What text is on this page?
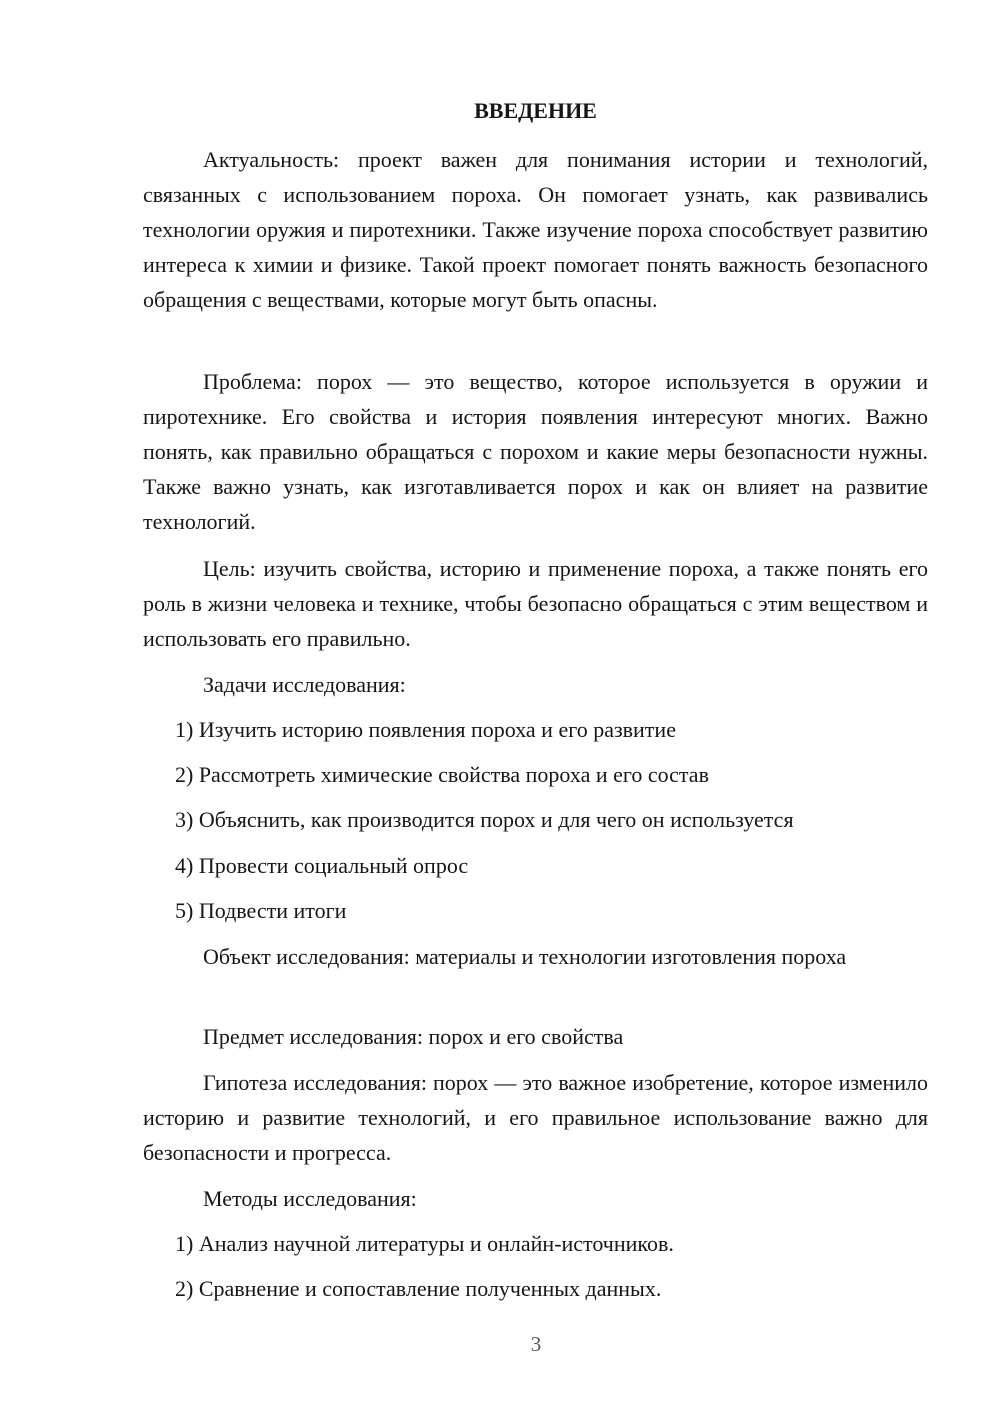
ВВЕДЕНИЕ

Актуальность: проект важен для понимания истории и технологий, связанных с использованием пороха. Он помогает узнать, как развивались технологии оружия и пиротехники. Также изучение пороха способствует развитию интереса к химии и физике. Такой проект помогает понять важность безопасного обращения с веществами, которые могут быть опасны.

Проблема: порох — это вещество, которое используется в оружии и пиротехнике. Его свойства и история появления интересуют многих. Важно понять, как правильно обращаться с порохом и какие меры безопасности нужны. Также важно узнать, как изготавливается порох и как он влияет на развитие технологий.

Цель: изучить свойства, историю и применение пороха, а также понять его роль в жизни человека и технике, чтобы безопасно обращаться с этим веществом и использовать его правильно.

Задачи исследования:

1) Изучить историю появления пороха и его развитие

2) Рассмотреть химические свойства пороха и его состав

3) Объяснить, как производится порох и для чего он используется

4) Провести социальный опрос

5) Подвести итоги

Объект исследования: материалы и технологии изготовления пороха

Предмет исследования: порох и его свойства

Гипотеза исследования: порох — это важное изобретение, которое изменило историю и развитие технологий, и его правильное использование важно для безопасности и прогресса.

Методы исследования:

1) Анализ научной литературы и онлайн-источников.

2) Сравнение и сопоставление полученных данных.

3
